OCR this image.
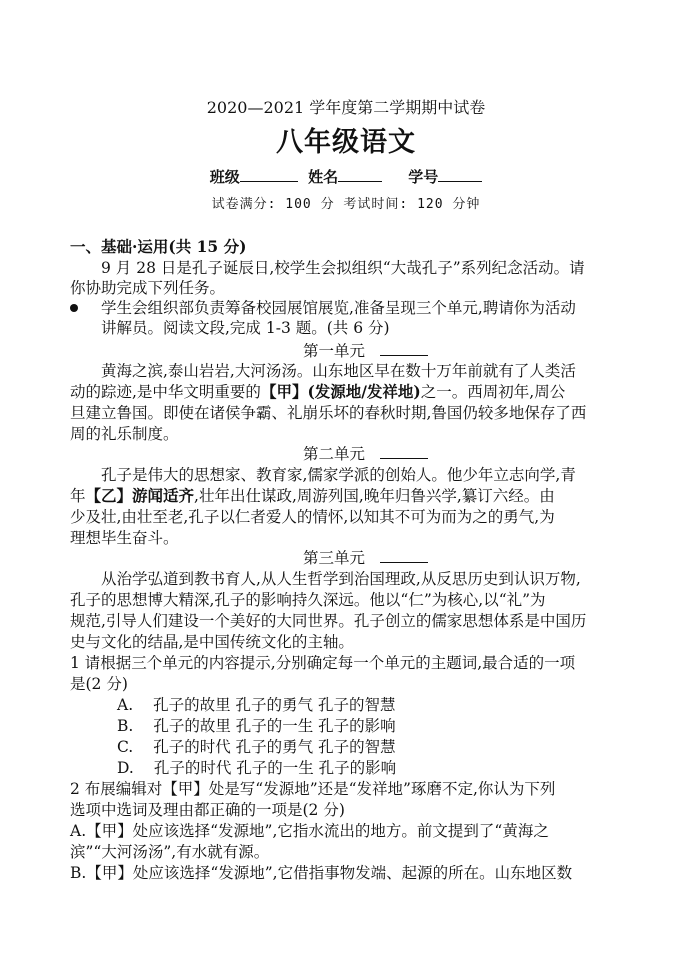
2020—2021 学年度第二学期期中试卷
八年级语文
班级	姓名	学号
试卷满分: 100 分 考试时间: 120 分钟
一、基础·运用(共 15 分)
9 月 28 日是孔子诞辰日,校学生会拟组织“大哉孔子”系列纪念活动。请
你协助完成下列任务。
学生会组织部负责筹备校园展馆展览,准备呈现三个单元,聘请你为活动
讲解员。阅读文段,完成 1-3 题。(共 6 分)
第一单元
黄海之滨,泰山岩岩,大河汤汤。山东地区早在数十万年前就有了人类活
动的踪迹,是中华文明重要的【甲】(发源地/发祥地)之一。西周初年,周公
旦建立鲁国。即使在诸侯争霸、礼崩乐坏的春秋时期,鲁国仍较多地保存了西
周的礼乐制度。
第二单元
孔子是伟大的思想家、教育家,儒家学派的创始人。他少年立志向学,青
年【乙】游闻适齐,壮年出仕谋政,周游列国,晚年归鲁兴学,纂订六经。由
少及壮,由壮至老,孔子以仁者爱人的情怀,以知其不可为而为之的勇气,为
理想毕生奋斗。
第三单元
从治学弘道到教书育人,从人生哲学到治国理政,从反思历史到认识万物,
孔子的思想博大精深,孔子的影响持久深远。他以“仁”为核心,以“礼”为
规范,引导人们建设一个美好的大同世界。孔子创立的儒家思想体系是中国历
史与文化的结晶,是中国传统文化的主轴。
1 请根据三个单元的内容提示,分别确定每一个单元的主题词,最合适的一项
是(2 分)
A. 孔子的故里 孔子的勇气 孔子的智慧
B. 孔子的故里 孔子的一生 孔子的影响
C. 孔子的时代 孔子的勇气 孔子的智慧
D. 孔子的时代 孔子的一生 孔子的影响
2 布展编辑对【甲】处是写“发源地”还是“发祥地”琢磨不定,你认为下列
选项中选词及理由都正确的一项是(2 分)
A.【甲】处应该选择“发源地”,它指水流出的地方。前文提到了“黄海之
滨”“大河汤汤”,有水就有源。
B.【甲】处应该选择“发源地”,它借指事物发端、起源的所在。山东地区数
